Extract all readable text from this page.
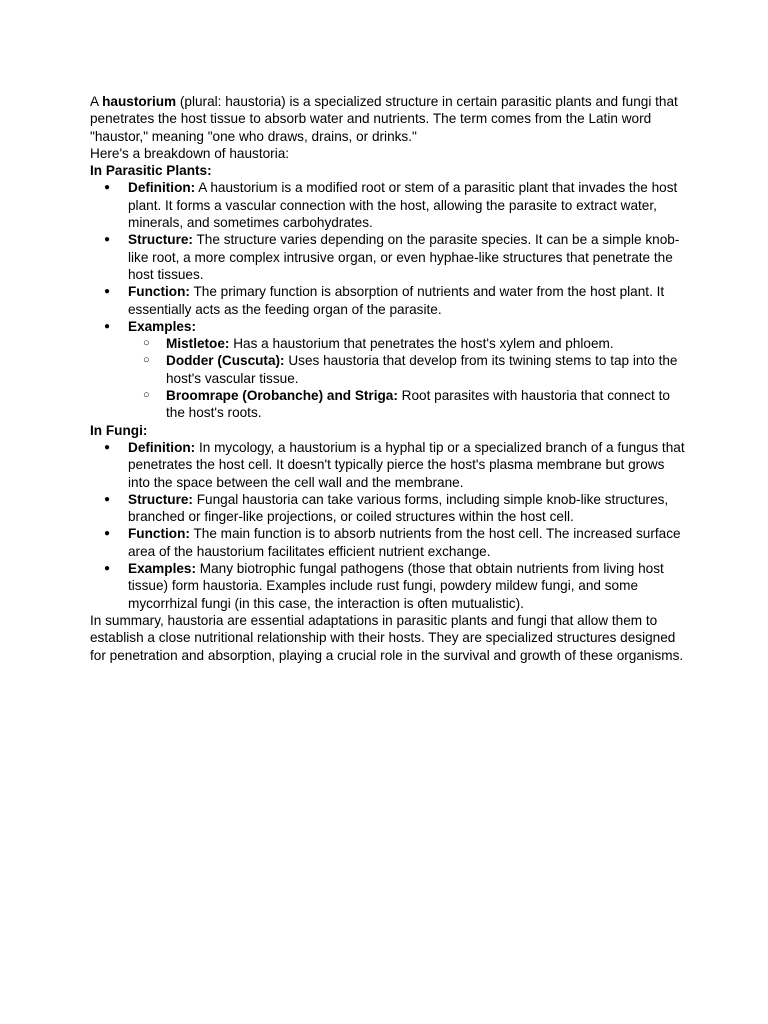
A haustorium (plural: haustoria) is a specialized structure in certain parasitic plants and fungi that penetrates the host tissue to absorb water and nutrients. The term comes from the Latin word "haustor," meaning "one who draws, drains, or drinks."

Here's a breakdown of haustoria:

In Parasitic Plants:

● Definition: A haustorium is a modified root or stem of a parasitic plant that invades the host plant. It forms a vascular connection with the host, allowing the parasite to extract water, minerals, and sometimes carbohydrates.
● Structure: The structure varies depending on the parasite species. It can be a simple knob-like root, a more complex intrusive organ, or even hyphae-like structures that penetrate the host tissues.
● Function: The primary function is absorption of nutrients and water from the host plant. It essentially acts as the feeding organ of the parasite.
● Examples:
○ Mistletoe: Has a haustorium that penetrates the host's xylem and phloem.
○ Dodder (Cuscuta): Uses haustoria that develop from its twining stems to tap into the host's vascular tissue.
○ Broomrape (Orobanche) and Striga: Root parasites with haustoria that connect to the host's roots.

In Fungi:

● Definition: In mycology, a haustorium is a hyphal tip or a specialized branch of a fungus that penetrates the host cell. It doesn't typically pierce the host's plasma membrane but grows into the space between the cell wall and the membrane.
● Structure: Fungal haustoria can take various forms, including simple knob-like structures, branched or finger-like projections, or coiled structures within the host cell.
● Function: The main function is to absorb nutrients from the host cell. The increased surface area of the haustorium facilitates efficient nutrient exchange.
● Examples: Many biotrophic fungal pathogens (those that obtain nutrients from living host tissue) form haustoria. Examples include rust fungi, powdery mildew fungi, and some mycorrhizal fungi (in this case, the interaction is often mutualistic).

In summary, haustoria are essential adaptations in parasitic plants and fungi that allow them to establish a close nutritional relationship with their hosts. They are specialized structures designed for penetration and absorption, playing a crucial role in the survival and growth of these organisms.
